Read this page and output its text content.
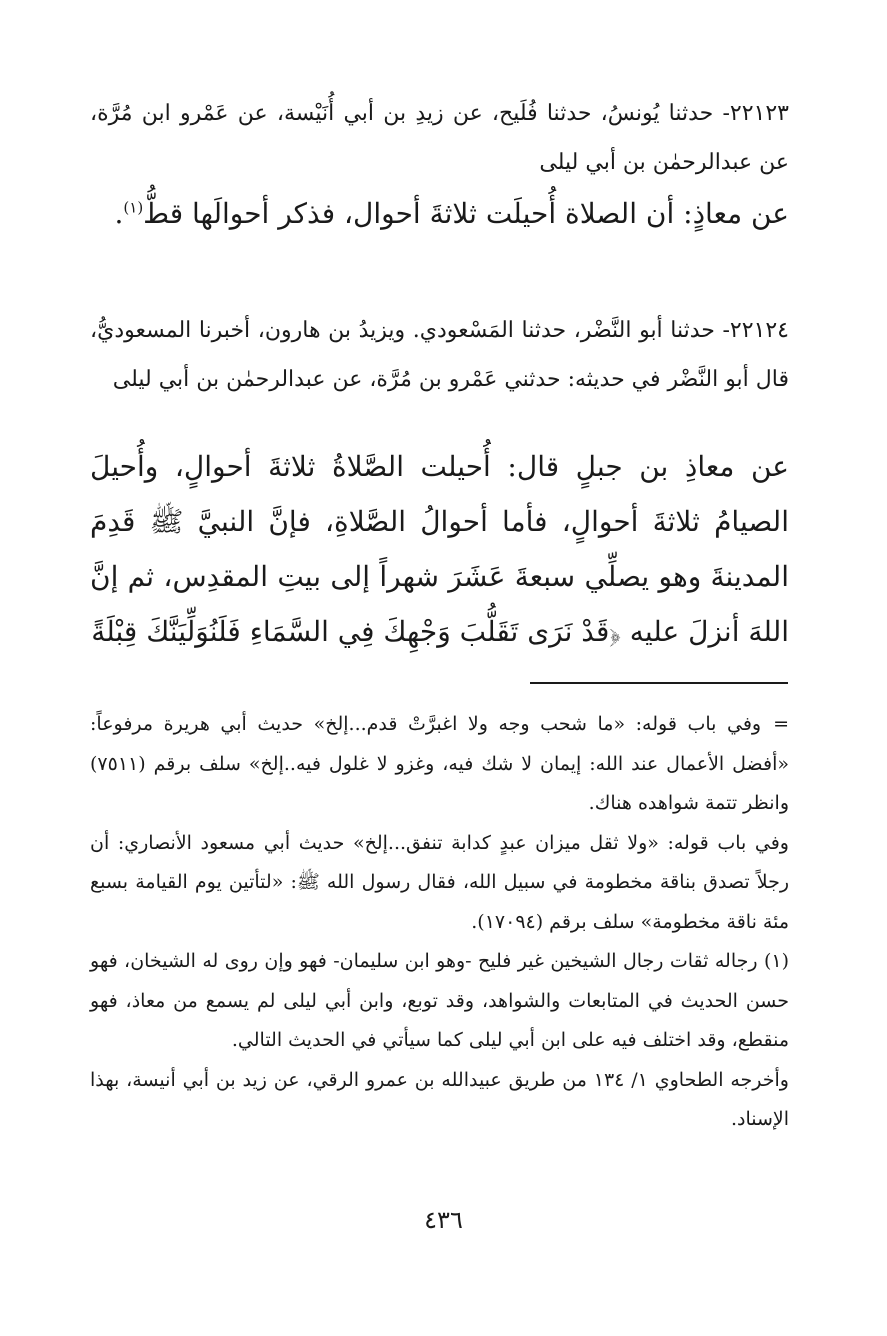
٢٢١٢٣- حدثنا يُونسُ، حدثنا فُلَيح، عن زيدِ بن أبي أُنَيْسة، عن عَمْرو ابن مُرَّة، عن عبدالرحمٰن بن أبي ليلى
عن معاذٍ: أن الصلاة أُحيلَت ثلاثةَ أحوال، فذكر أحوالَها قطُّ$^{(١)}$.
٢٢١٢٤- حدثنا أبو النَّضْر، حدثنا المَسْعودي. ويزيدُ بن هارون، أخبرنا المسعوديُّ، قال أبو النَّضْر في حديثه: حدثني عَمْرو بن مُرَّة، عن عبدالرحمٰن بن أبي ليلى
عن معاذِ بن جبلٍ قال: أُحيلت الصَّلاةُ ثلاثةَ أحوالٍ، وأُحيلَ الصيامُ ثلاثةَ أحوالٍ، فأما أحوالُ الصَّلاةِ، فإنَّ النبيَّ ﷺ قَدِمَ المدينةَ وهو يصلِّي سبعةَ عَشَرَ شهراً إلى بيتِ المقدِس، ثم إنَّ اللهَ أنزلَ عليه ﴿قَدْ نَرَى تَقَلُّبَ وَجْهِكَ فِي السَّمَاءِ فَلَنُوَلِّيَنَّكَ قِبْلَةً
=وفي باب قوله: «ما شحب وجه ولا اغبرَّتْ قدم...إلخ» حديث أبي هريرة مرفوعاً: «أفضل الأعمال عند الله: إيمان لا شك فيه، وغزو لا غلول فيه..إلخ» سلف برقم (٧٥١١) وانظر تتمة شواهده هناك.
وفي باب قوله: «ولا ثقل ميزان عبدٍ كدابة تنفق...إلخ» حديث أبي مسعود الأنصاري: أن رجلاً تصدق بناقة مخطومة في سبيل الله، فقال رسول الله ﷺ: «لتأتين يوم القيامة بسبع مئة ناقة مخطومة» سلف برقم (١٧٠٩٤).
(١) رجاله ثقات رجال الشيخين غير فليح -وهو ابن سليمان- فهو وإن روى له الشيخان، فهو حسن الحديث في المتابعات والشواهد، وقد توبع، وابن أبي ليلى لم يسمع من معاذ، فهو منقطع، وقد اختلف فيه على ابن أبي ليلى كما سيأتي في الحديث التالي.
وأخرجه الطحاوي ١/ ١٣٤ من طريق عبيدالله بن عمرو الرقي، عن زيد بن أبي أنيسة، بهذا الإسناد.
٤٣٦
